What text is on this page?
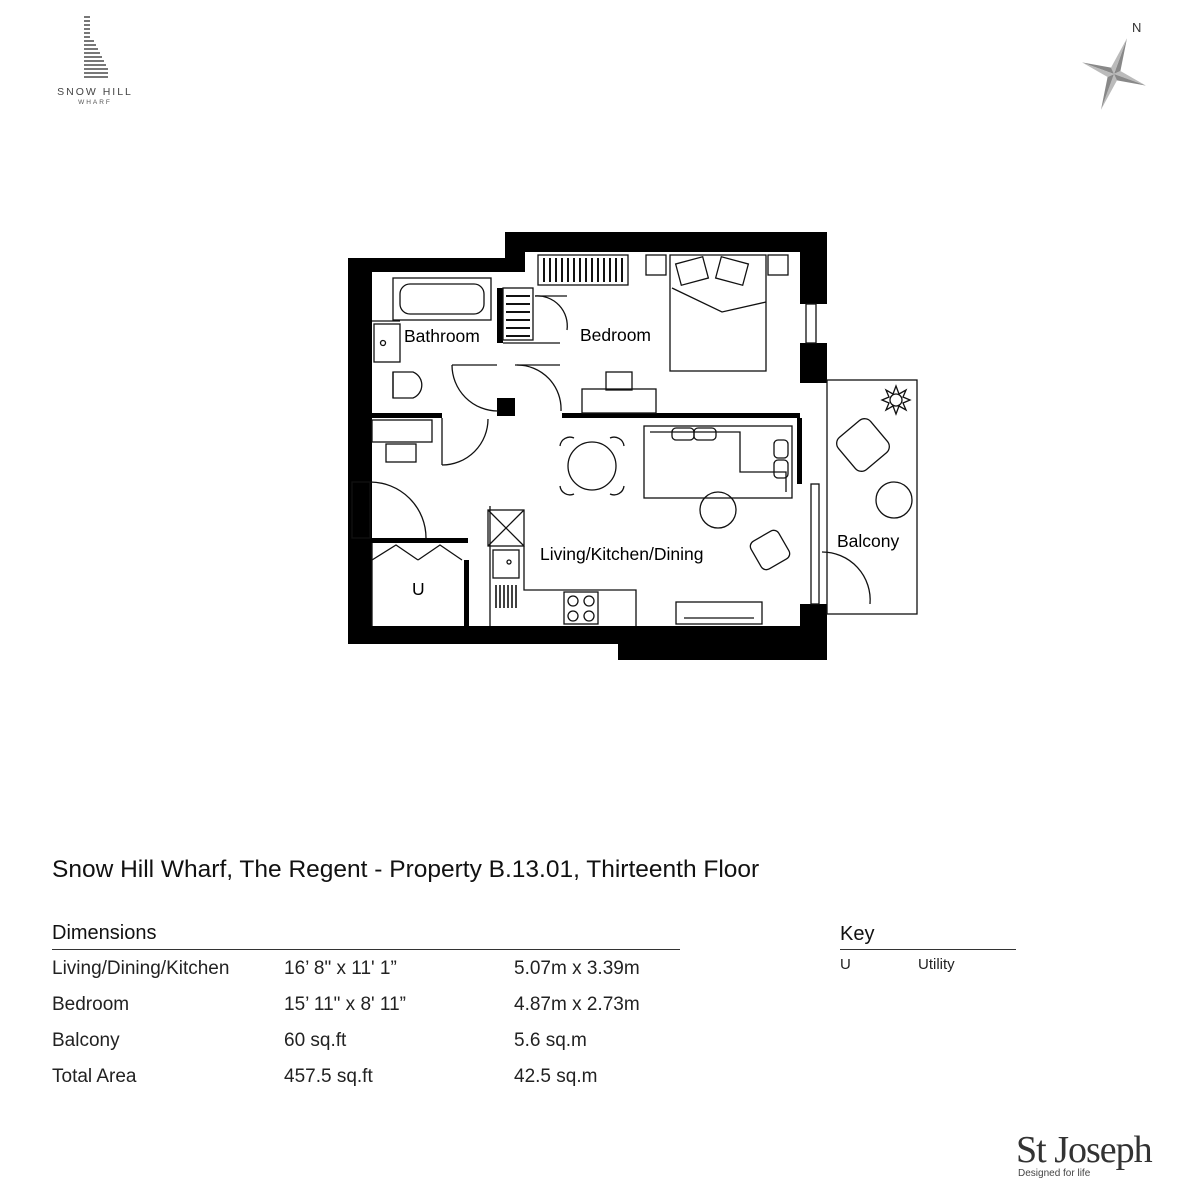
SNOW HILL
WHARF
N
Bathroom	Bedroom
Living/Kitchen/Dining
Balcony
U
Snow Hill Wharf, The Regent - Property B.13.01, Thirteenth Floor
Dimensions
Living/Dining/Kitchen	16’ 8" x 11' 1”	5.07m x 3.39m
Bedroom	15’ 11" x 8' 11”	4.87m x 2.73m
Balcony	60 sq.ft	5.6 sq.m
Total Area	457.5 sq.ft	42.5 sq.m
Key
U	Utility
St Joseph
Designed for life
